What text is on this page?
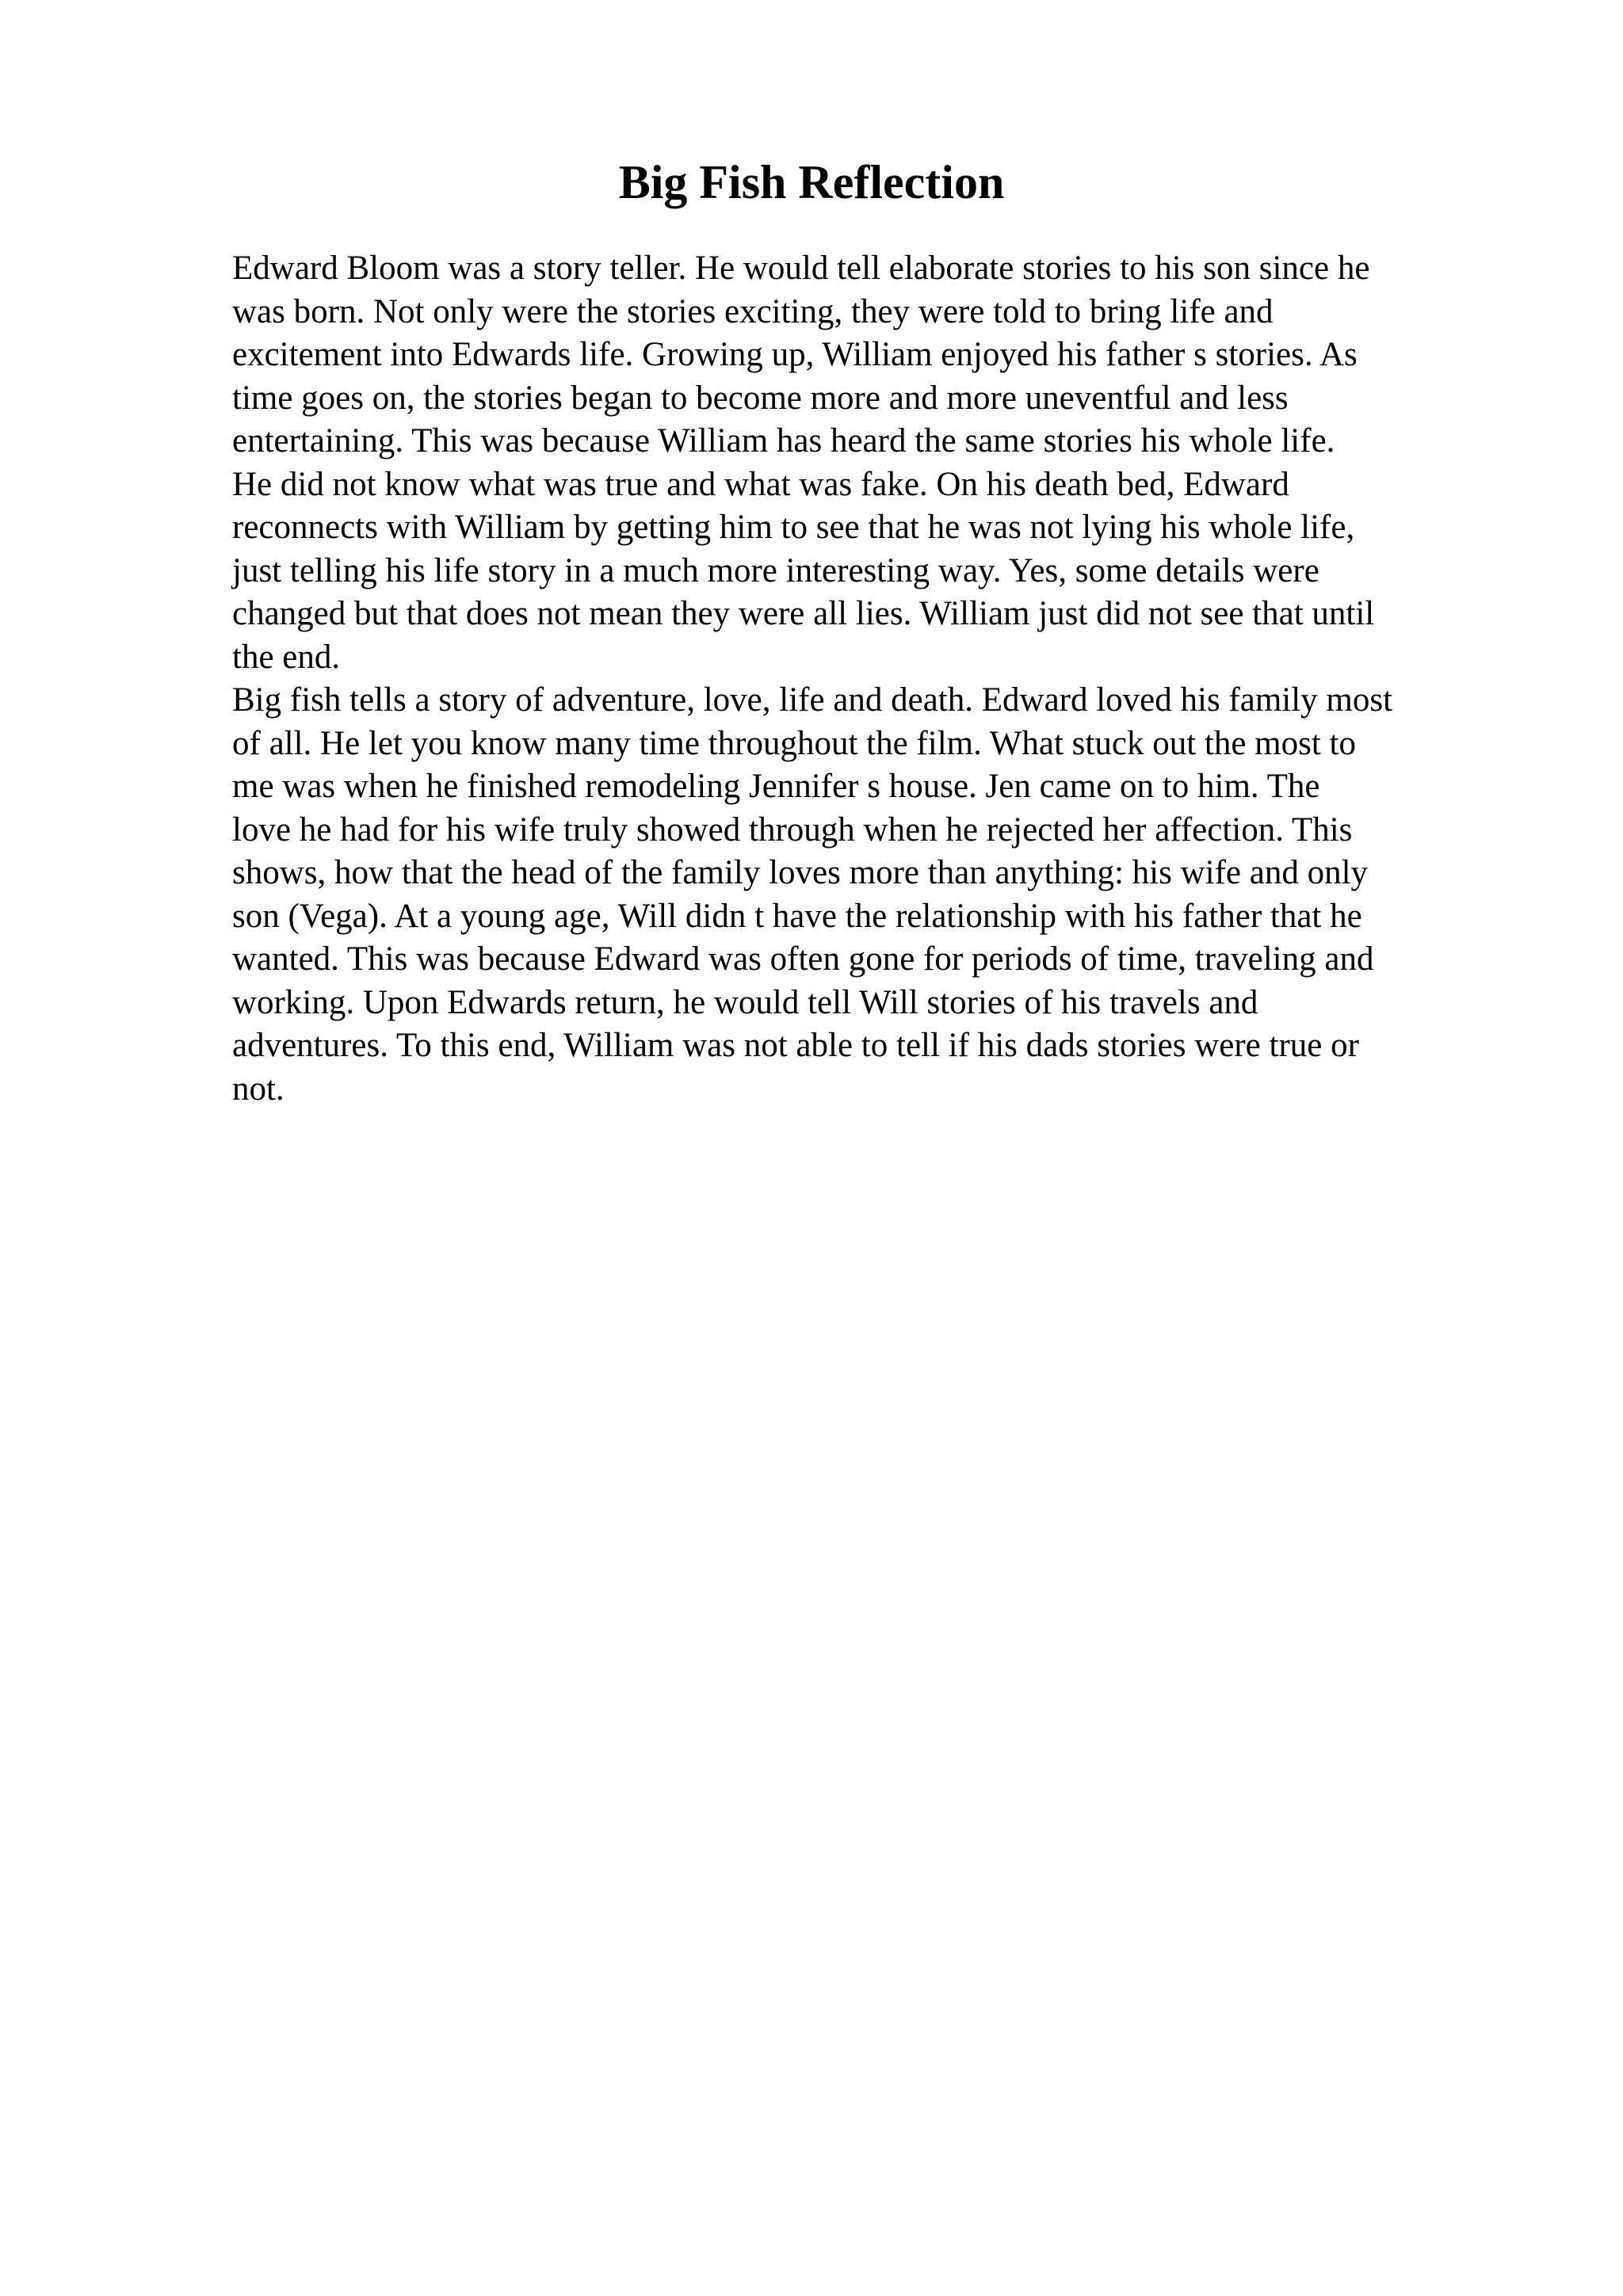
Big Fish Reflection

Edward Bloom was a story teller. He would tell elaborate stories to his son since he
was born. Not only were the stories exciting, they were told to bring life and
excitement into Edwards life. Growing up, William enjoyed his father s stories. As
time goes on, the stories began to become more and more uneventful and less
entertaining. This was because William has heard the same stories his whole life.
He did not know what was true and what was fake. On his death bed, Edward
reconnects with William by getting him to see that he was not lying his whole life,
just telling his life story in a much more interesting way. Yes, some details were
changed but that does not mean they were all lies. William just did not see that until
the end.

Big fish tells a story of adventure, love, life and death. Edward loved his family most
of all. He let you know many time throughout the film. What stuck out the most to
me was when he finished remodeling Jennifer s house. Jen came on to him. The
love he had for his wife truly showed through when he rejected her affection. This
shows, how that the head of the family loves more than anything: his wife and only
son (Vega). At a young age, Will didn t have the relationship with his father that he
wanted. This was because Edward was often gone for periods of time, traveling and
working. Upon Edwards return, he would tell Will stories of his travels and
adventures. To this end, William was not able to tell if his dads stories were true or
not.
